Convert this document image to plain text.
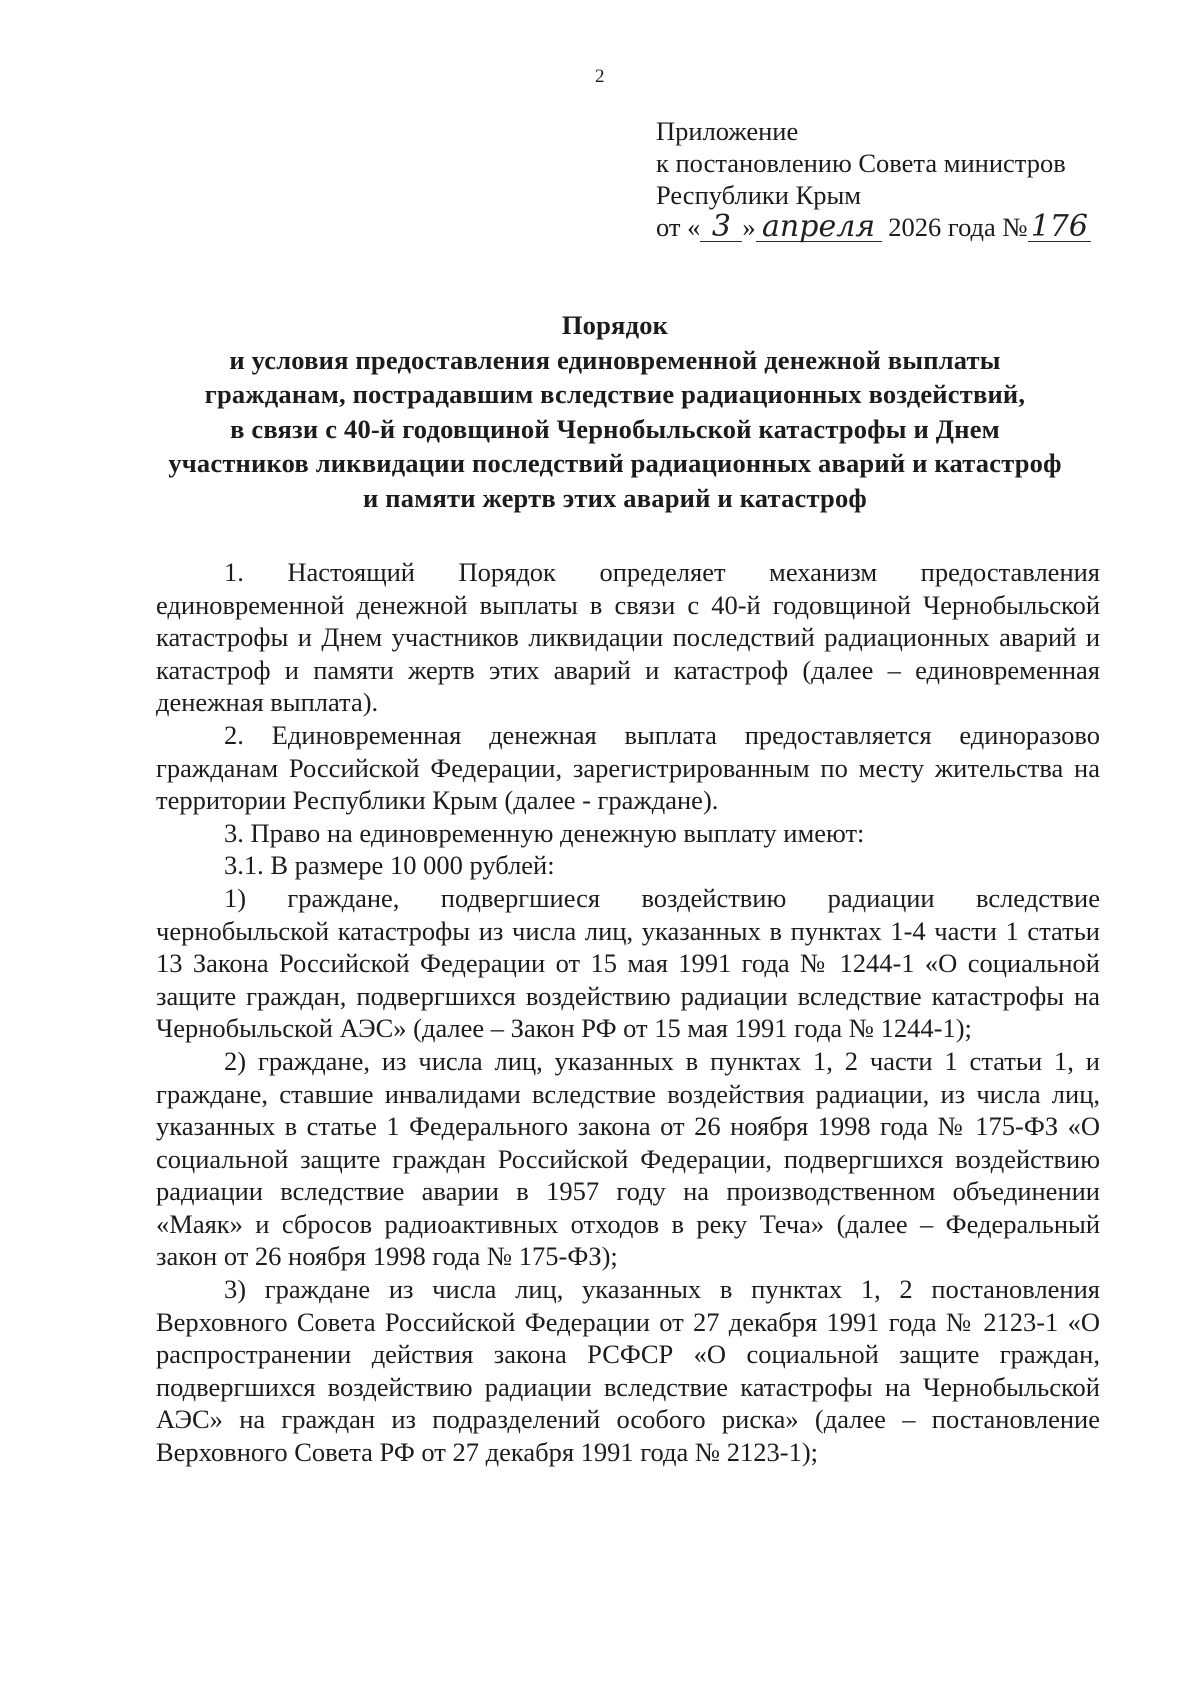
2
Приложение
к постановлению Совета министров
Республики Крым
от « 3 » апреля 2026 года № 176
Порядок
и условия предоставления единовременной денежной выплаты
гражданам, пострадавшим вследствие радиационных воздействий,
в связи с 40-й годовщиной Чернобыльской катастрофы и Днем
участников ликвидации последствий радиационных аварий и катастроф
и памяти жертв этих аварий и катастроф

1. Настоящий Порядок определяет механизм предоставления единовременной денежной выплаты в связи с 40-й годовщиной Чернобыльской катастрофы и Днем участников ликвидации последствий радиационных аварий и катастроф и памяти жертв этих аварий и катастроф (далее – единовременная денежная выплата).

2. Единовременная денежная выплата предоставляется единоразово гражданам Российской Федерации, зарегистрированным по месту жительства на территории Республики Крым (далее - граждане).

3. Право на единовременную денежную выплату имеют:

3.1. В размере 10 000 рублей:

1) граждане, подвергшиеся воздействию радиации вследствие чернобыльской катастрофы из числа лиц, указанных в пунктах 1-4 части 1 статьи 13 Закона Российской Федерации от 15 мая 1991 года № 1244-1 «О социальной защите граждан, подвергшихся воздействию радиации вследствие катастрофы на Чернобыльской АЭС» (далее – Закон РФ от 15 мая 1991 года № 1244-1);

2) граждане, из числа лиц, указанных в пунктах 1, 2 части 1 статьи 1, и граждане, ставшие инвалидами вследствие воздействия радиации, из числа лиц, указанных в статье 1 Федерального закона от 26 ноября 1998 года № 175-ФЗ «О социальной защите граждан Российской Федерации, подвергшихся воздействию радиации вследствие аварии в 1957 году на производственном объединении «Маяк» и сбросов радиоактивных отходов в реку Теча» (далее – Федеральный закон от 26 ноября 1998 года № 175-ФЗ);

3) граждане из числа лиц, указанных в пунктах 1, 2 постановления Верховного Совета Российской Федерации от 27 декабря 1991 года № 2123-1 «О распространении действия закона РСФСР «О социальной защите граждан, подвергшихся воздействию радиации вследствие катастрофы на Чернобыльской АЭС» на граждан из подразделений особого риска» (далее – постановление Верховного Совета РФ от 27 декабря 1991 года № 2123-1);
